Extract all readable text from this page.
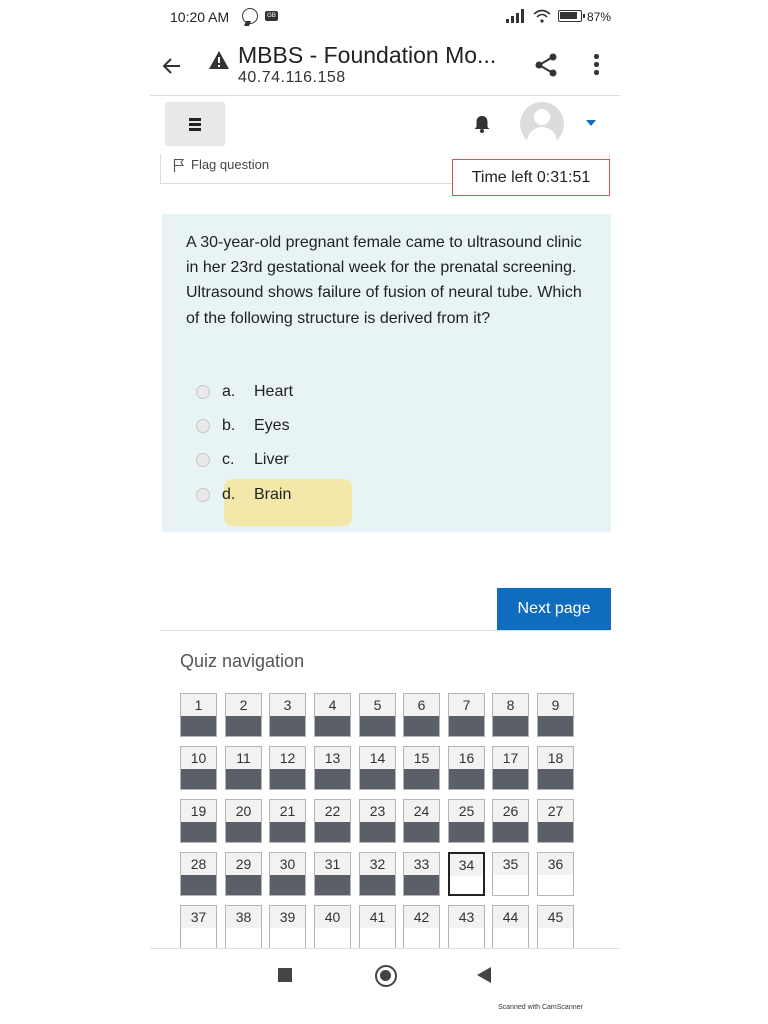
10:20 AM	GB	87%
MBBS - Foundation Mo...
40.74.116.158
Flag question
Time left 0:31:51
A 30-year-old pregnant female came to ultrasound clinic in her 23rd gestational week for the prenatal screening. Ultrasound shows failure of fusion of neural tube. Which of the following structure is derived from it?
a.	Heart
b.	Eyes
c.	Liver
d.	Brain
Next page
Quiz navigation
1	2	3	4	5	6	7	8	9
10	11	12	13	14	15	16	17	18
19	20	21	22	23	24	25	26	27
28	29	30	31	32	33	34	35	36
37	38	39	40	41	42	43	44	45
Scanned with CamScanner
